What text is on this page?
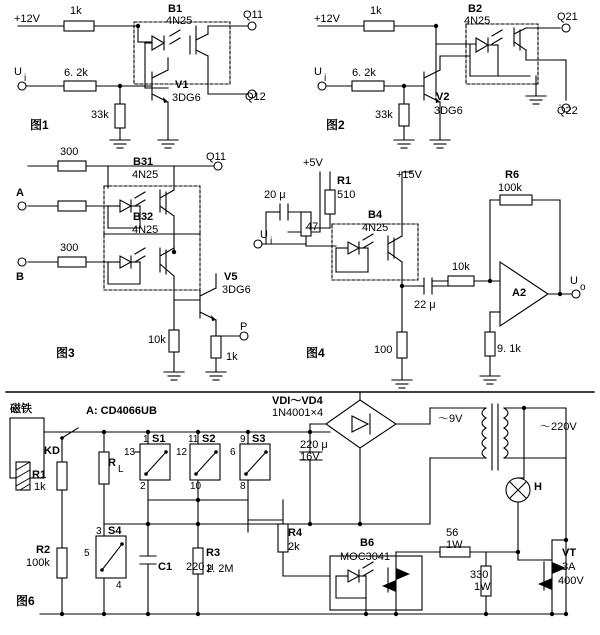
+12V
1k	B1
4N25	Q11
U
i	6. 2k
33k
V1
3DG6	Q12
图1
+12V
1k	B2
4N25	Q21
U
i 6. 2k
33k
V2
3DG6	Q22
图2
300
B31
4N25
Q11
A
B32
4N25
300
B	V5
3DG6
10k
1k
P
图3
+5V
R1
510
+15V
20 μ
B4
4N25
R6
100k
47
U
i
10k
22 μ
A2
U
o
100	9. 1k
图4
磁铁	A: CD4066UB
KD
R
L
R1
1k
S1	S2	S3
1
13
2
11
12
10
9
6
8
3 S4
5
4
R2
100k	C1 220 μ
R3
2. 2M
R4
2k
220 μ
16V
VDI～VD4
1N4001×4	～9V
～220V
H
B6
MOC3041
56
1W
330
1W
VT
3A
400V
图6
